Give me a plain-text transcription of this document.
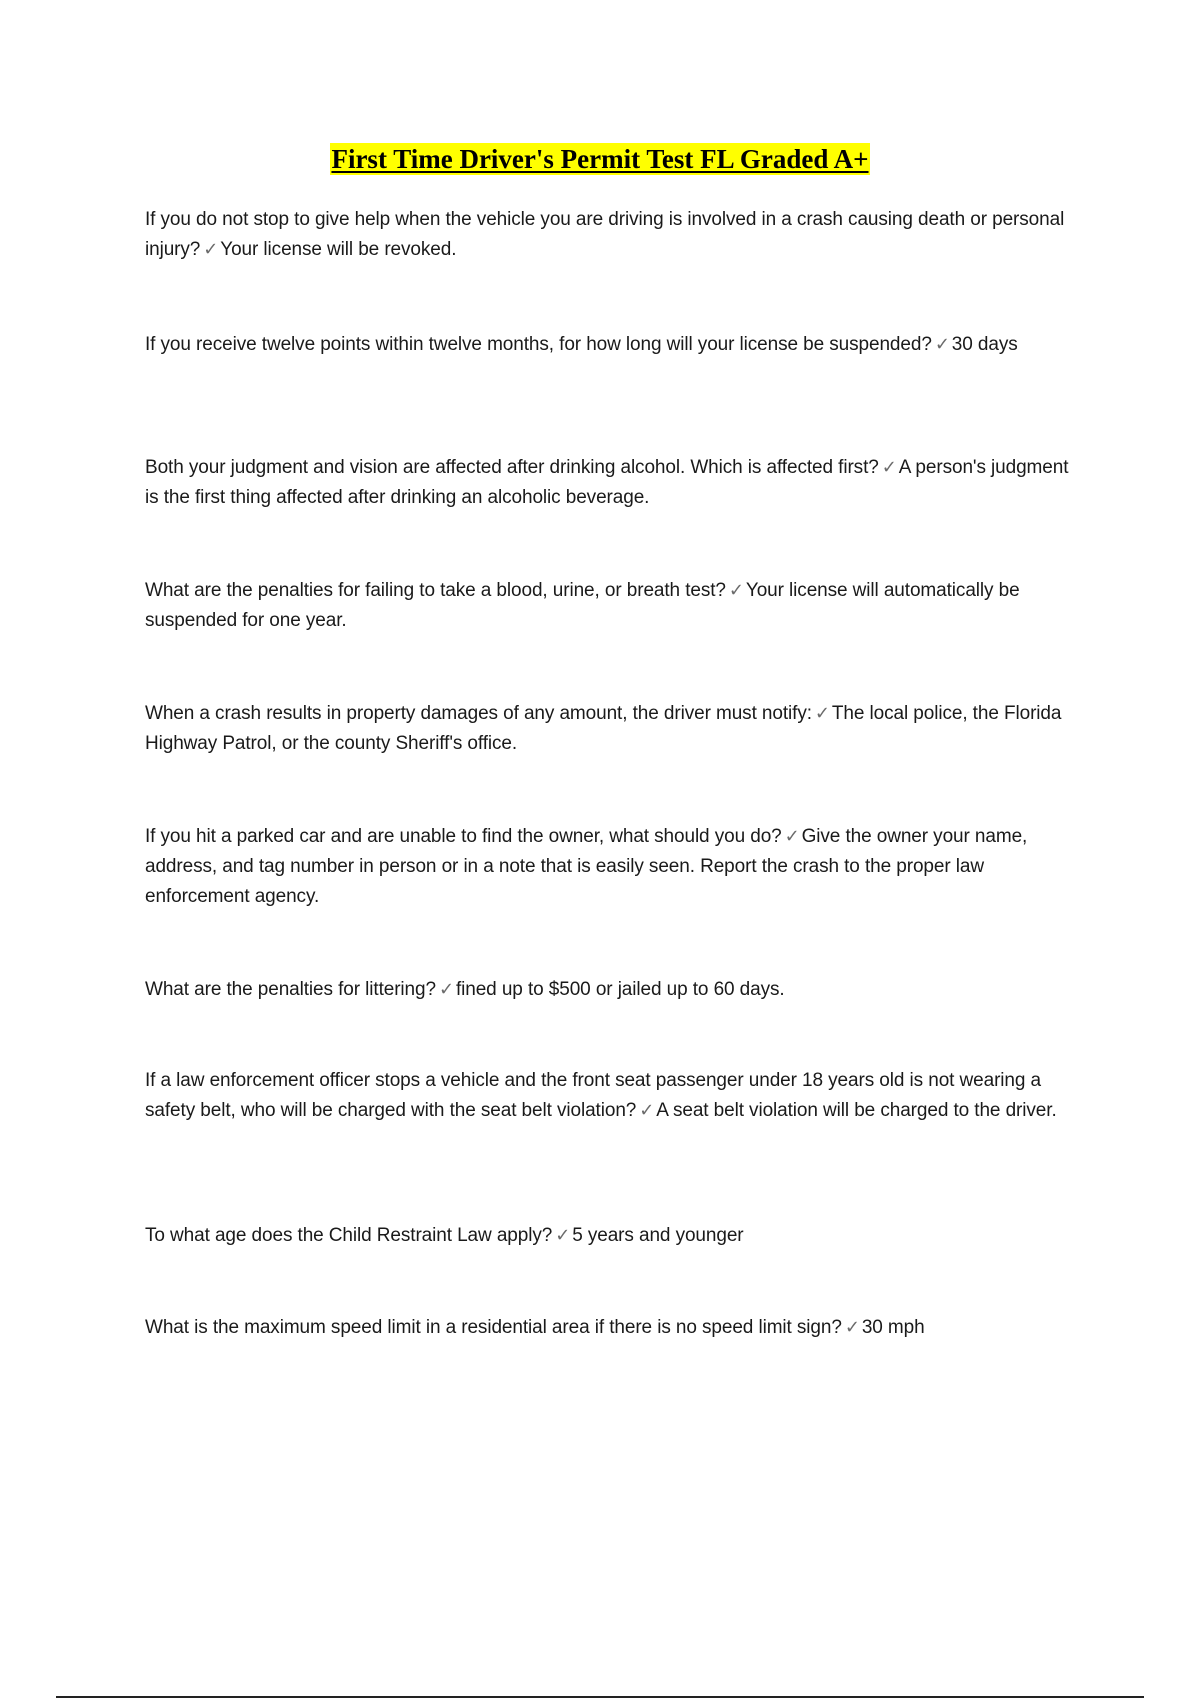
First Time Driver's Permit Test FL Graded A+
If you do not stop to give help when the vehicle you are driving is involved in a crash causing death or personal injury? ✓ Your license will be revoked.
If you receive twelve points within twelve months, for how long will your license be suspended? ✓ 30 days
Both your judgment and vision are affected after drinking alcohol. Which is affected first? ✓ A person's judgment is the first thing affected after drinking an alcoholic beverage.
What are the penalties for failing to take a blood, urine, or breath test? ✓ Your license will automatically be suspended for one year.
When a crash results in property damages of any amount, the driver must notify: ✓ The local police, the Florida Highway Patrol, or the county Sheriff's office.
If you hit a parked car and are unable to find the owner, what should you do? ✓ Give the owner your name, address, and tag number in person or in a note that is easily seen. Report the crash to the proper law enforcement agency.
What are the penalties for littering? ✓ fined up to $500 or jailed up to 60 days.
If a law enforcement officer stops a vehicle and the front seat passenger under 18 years old is not wearing a safety belt, who will be charged with the seat belt violation? ✓ A seat belt violation will be charged to the driver.
To what age does the Child Restraint Law apply? ✓ 5 years and younger
What is the maximum speed limit in a residential area if there is no speed limit sign? ✓ 30 mph
